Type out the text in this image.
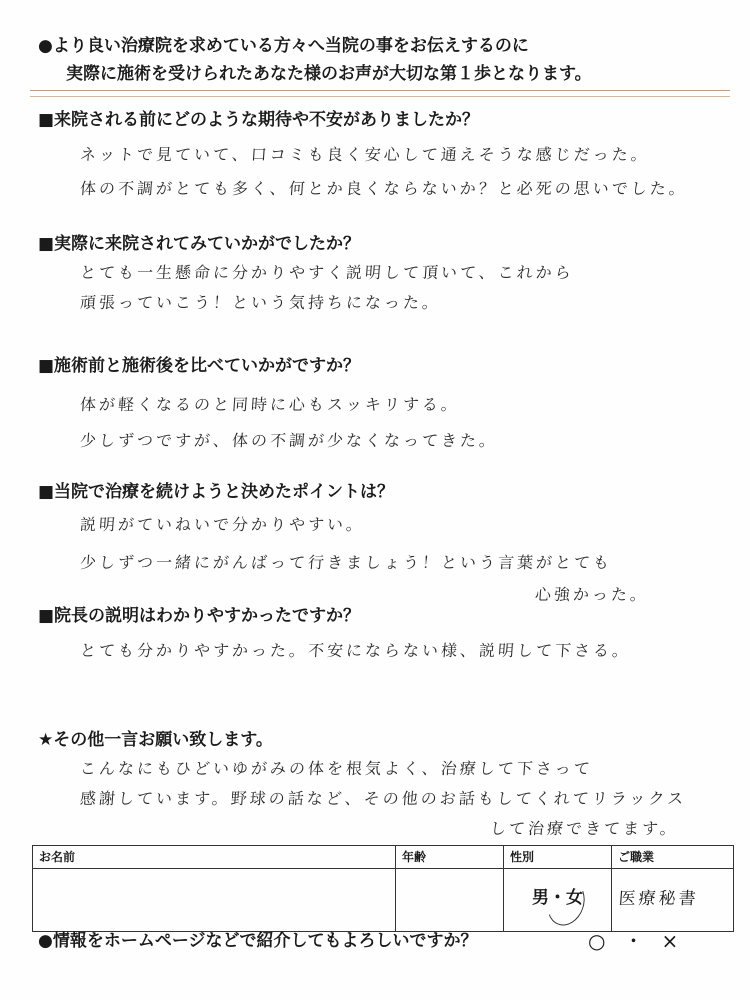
●より良い治療院を求めている方々へ当院の事をお伝えするのに
実際に施術を受けられたあなた様のお声が大切な第１歩となります。
■来院される前にどのような期待や不安がありましたか？
ネットで見ていて、口コミも良く安心して通えそうな感じだった。
体の不調がとても多く、何とか良くならないか？と必死の思いでした。
■実際に来院されてみていかがでしたか？
とても一生懸命に分かりやすく説明して頂いて、これから
頑張っていこう！という気持ちになった。
■施術前と施術後を比べていかがですか？
体が軽くなるのと同時に心もスッキリする。
少しずつですが、体の不調が少なくなってきた。
■当院で治療を続けようと決めたポイントは？
説明がていねいで分かりやすい。
少しずつ一緒にがんばって行きましょう！という言葉がとても
心強かった。
■院長の説明はわかりやすかったですか？
とても分かりやすかった。不安にならない様、説明して下さる。
★その他一言お願い致します。
こんなにもひどいゆがみの体を根気よく、治療して下さって
感謝しています。野球の話など、その他のお話もしてくれてリラックス
して治療できてます。
お名前	年齢	性別	ご職業
		男・女	医療秘書
●情報をホームページなどで紹介してもよろしいですか？	○・×
